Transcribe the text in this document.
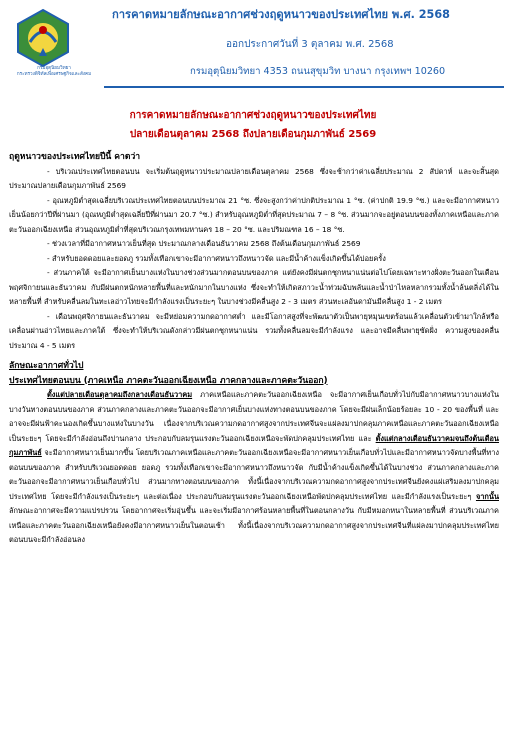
กรมอุตุนิยมวิทยา
กระทรวงดิจิทัลเพื่อเศรษฐกิจและสังคม
การคาดหมายลักษณะอากาศช่วงฤดูหนาวของประเทศไทย พ.ศ. 2568
ออกประกาศวันที่ 3 ตุลาคม พ.ศ. 2568
กรมอุตุนิยมวิทยา 4353 ถนนสุขุมวิท บางนา กรุงเทพฯ 10260
การคาดหมายลักษณะอากาศช่วงฤดูหนาวของประเทศไทย
ปลายเดือนตุลาคม 2568 ถึงปลายเดือนกุมภาพันธ์ 2569

ฤดูหนาวของประเทศไทยปีนี้ คาดว่า

- บริเวณประเทศไทยตอนบน จะเริ่มต้นฤดูหนาวประมาณปลายเดือนตุลาคม 2568 ซึ่งจะช้ากว่าค่าเฉลี่ยประมาณ 2 สัปดาห์ และจะสิ้นสุดประมาณปลายเดือนกุมภาพันธ์ 2569

- อุณหภูมิต่ำสุดเฉลี่ยบริเวณประเทศไทยตอนบนประมาณ 21 °ซ. ซึ่งจะสูงกว่าค่าปกติประมาณ 1 °ซ. (ค่าปกติ 19.9 °ซ.) และจะมีอากาศหนาวเย็นน้อยกว่าปีที่ผ่านมา (อุณหภูมิต่ำสุดเฉลี่ยปีที่ผ่านมา 20.7 °ซ.) สำหรับอุณหภูมิต่ำที่สุดประมาณ 7 – 8 °ซ. ส่วนมากจะอยู่ตอนบนของทั้งภาคเหนือและภาคตะวันออกเฉียงเหนือ ส่วนอุณหภูมิต่ำที่สุดบริเวณกรุงเทพมหานคร 18 – 20 °ซ. และปริมณฑล 16 – 18 °ซ.

- ช่วงเวลาที่มีอากาศหนาวเย็นที่สุด ประมาณกลางเดือนธันวาคม 2568 ถึงต้นเดือนกุมภาพันธ์ 2569

- สำหรับยอดดอยและยอดภู รวมทั้งเทือกเขาจะมีอากาศหนาวถึงหนาวจัด และมีน้ำค้างแข็งเกิดขึ้นได้บ่อยครั้ง

- ส่วนภาคใต้ จะมีอากาศเย็นบางแห่งในบางช่วงส่วนมากตอนบนของภาค แต่ยังคงมีฝนตกชุกหนาแน่นต่อไปโดยเฉพาะทางฝั่งตะวันออกในเดือนพฤศจิกายนและธันวาคม กับมีฝนตกหนักหลายพื้นที่และหนักมากในบางแห่ง ซึ่งจะทำให้เกิดสภาวะน้ำท่วมฉับพลันและน้ำป่าไหลหลากรวมทั้งน้ำล้นตลิ่งได้ในหลายพื้นที่ สำหรับคลื่นลมในทะเลอ่าวไทยจะมีกำลังแรงเป็นระยะๆ ในบางช่วงมีคลื่นสูง 2 - 3 เมตร ส่วนทะเลอันดามันมีคลื่นสูง 1 - 2 เมตร

- เดือนพฤศจิกายนและธันวาคม จะมีหย่อมความกดอากาศต่ำ และมีโอกาสสูงที่จะพัฒนาตัวเป็นพายุหมุนเขตร้อนแล้วเคลื่อนตัวเข้ามาใกล้หรือเคลื่อนผ่านอ่าวไทยและภาคใต้ ซึ่งจะทำให้บริเวณดังกล่าวมีฝนตกชุกหนาแน่น รวมทั้งคลื่นลมจะมีกำลังแรง และอาจมีคลื่นพายุซัดฝั่ง ความสูงของคลื่นประมาณ 4 - 5 เมตร

ลักษณะอากาศทั่วไป

ประเทศไทยตอนบน (ภาคเหนือ ภาคตะวันออกเฉียงเหนือ ภาคกลางและภาคตะวันออก)

ตั้งแต่ปลายเดือนตุลาคมถึงกลางเดือนธันวาคม ภาคเหนือและภาคตะวันออกเฉียงเหนือ จะมีอากาศเย็นเกือบทั่วไปกับมีอากาศหนาวบางแห่งในบางวันทางตอนบนของภาค ส่วนภาคกลางและภาคตะวันออกจะมีอากาศเย็นบางแห่งทางตอนบนของภาค โดยจะมีฝนเล็กน้อยร้อยละ 10 - 20 ของพื้นที่ และอาจจะมีฝนฟ้าคะนองเกิดขึ้นบางแห่งในบางวัน เนื่องจากบริเวณความกดอากาศสูงจากประเทศจีนจะแผ่ลงมาปกคลุมภาคเหนือและภาคตะวันออกเฉียงเหนือเป็นระยะๆ โดยจะมีกำลังอ่อนถึงปานกลาง ประกอบกับลมรุนแรงตะวันออกเฉียงเหนือจะพัดปกคลุมประเทศไทย และ ตั้งแต่กลางเดือนธันวาคมจนถึงต้นเดือนกุมภาพันธ์ จะมีอากาศหนาวเย็นมากขึ้น โดยบริเวณภาคเหนือและภาคตะวันออกเฉียงเหนือจะมีอากาศหนาวเย็นเกือบทั่วไปและมีอากาศหนาวจัดบางพื้นที่ทางตอนบนของภาค สำหรับบริเวณยอดดอย ยอดภู รวมทั้งเทือกเขาจะมีอากาศหนาวถึงหนาวจัด กับมีน้ำค้างแข็งเกิดขึ้นได้ในบางช่วง ส่วนภาคกลางและภาคตะวันออกจะมีอากาศหนาวเย็นเกือบทั่วไป ส่วนมากทางตอนบนของภาค ทั้งนี้เนื่องจากบริเวณความกดอากาศสูงจากประเทศจีนยังคงแผ่เสริมลงมาปกคลุมประเทศไทย โดยจะมีกำลังแรงเป็นระยะๆ และต่อเนื่อง ประกอบกับลมรุนแรงตะวันออกเฉียงเหนือพัดปกคลุมประเทศไทย และมีกำลังแรงเป็นระยะๆ จากนั้น ลักษณะอากาศจะมีความแปรปรวน โดยอากาศจะเริ่มอุ่นขึ้น และจะเริ่มมีอากาศร้อนหลายพื้นที่ในตอนกลางวัน กับมีหมอกหนาในหลายพื้นที่ ส่วนบริเวณภาคเหนือและภาคตะวันออกเฉียงเหนือยังคงมีอากาศหนาวเย็นในตอนเช้า ทั้งนี้เนื่องจากบริเวณความกดอากาศสูงจากประเทศจีนที่แผ่ลงมาปกคลุมประเทศไทยตอนบนจะมีกำลังอ่อนลง
